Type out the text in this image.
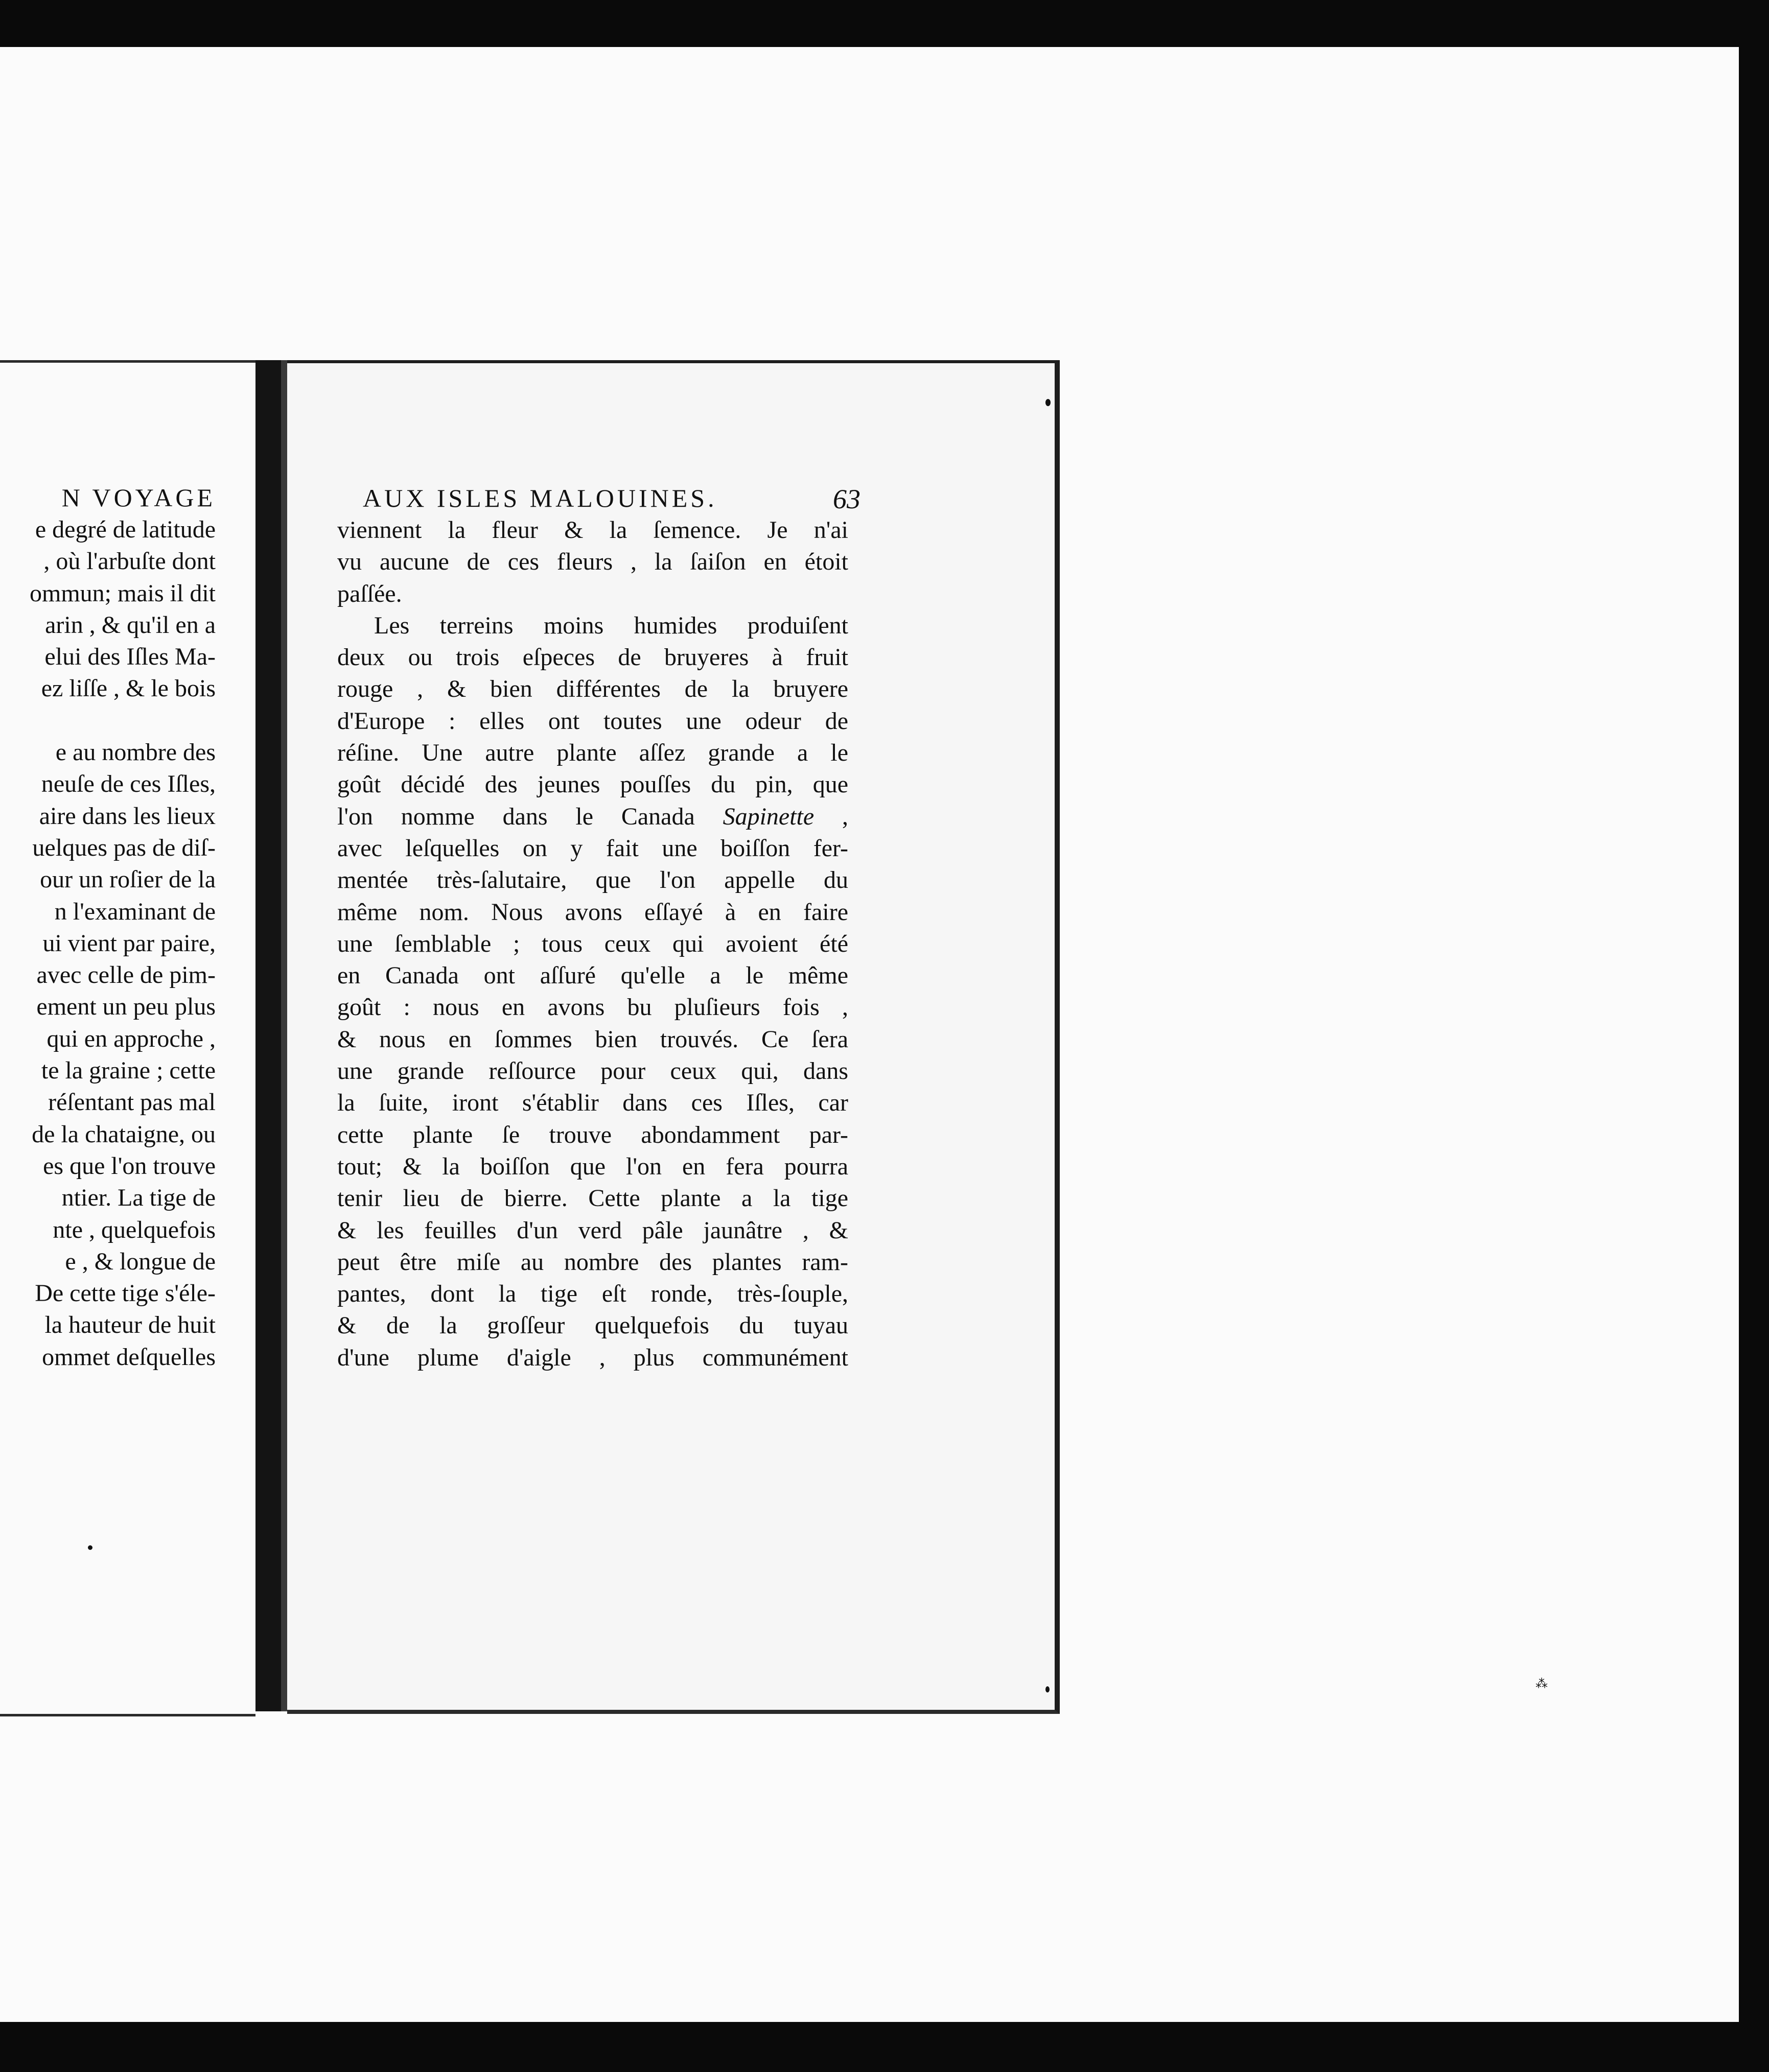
N VOYAGE

e degré de latitude
, où l'arbuſte dont
ommun; mais il dit
arin , & qu'il en a
elui des Iſles Ma-
ez liſſe , & le bois

e au nombre des
neuſe de ces Iſles,
aire dans les lieux
uelques pas de diſ-
our un roſier de la
n l'examinant de
ui vient par paire,
avec celle de pim-
ement un peu plus
qui en approche ,
te la graine ; cette
réſentant pas mal
de la chataigne, ou
es que l'on trouve
ntier. La tige de
nte , quelquefois
e , & longue de
De cette tige s'éle-
la hauteur de huit
ommet deſquelles
AUX ISLES MALOUINES.	63
viennent la fleur & la ſemence. Je n'ai
vu aucune de ces fleurs , la ſaiſon en étoit
paſſée.
Les terreins moins humides produiſent
deux ou trois eſpeces de bruyeres à fruit
rouge , & bien différentes de la bruyere
d'Europe : elles ont toutes une odeur de
réſine. Une autre plante aſſez grande a le
goût décidé des jeunes pouſſes du pin, que
l'on nomme dans le Canada Sapinette ,
avec leſquelles on y fait une boiſſon fer-
mentée très-ſalutaire, que l'on appelle du
même nom. Nous avons eſſayé à en faire
une ſemblable ; tous ceux qui avoient été
en Canada ont aſſuré qu'elle a le même
goût : nous en avons bu pluſieurs fois ,
& nous en ſommes bien trouvés. Ce ſera
une grande reſſource pour ceux qui, dans
la ſuite, iront s'établir dans ces Iſles, car
cette plante ſe trouve abondamment par-
tout; & la boiſſon que l'on en fera pourra
tenir lieu de bierre. Cette plante a la tige
& les feuilles d'un verd pâle jaunâtre , &
peut être miſe au nombre des plantes ram-
pantes, dont la tige eſt ronde, très-ſouple,
& de la groſſeur quelquefois du tuyau
d'une plume d'aigle , plus communément
⁂
